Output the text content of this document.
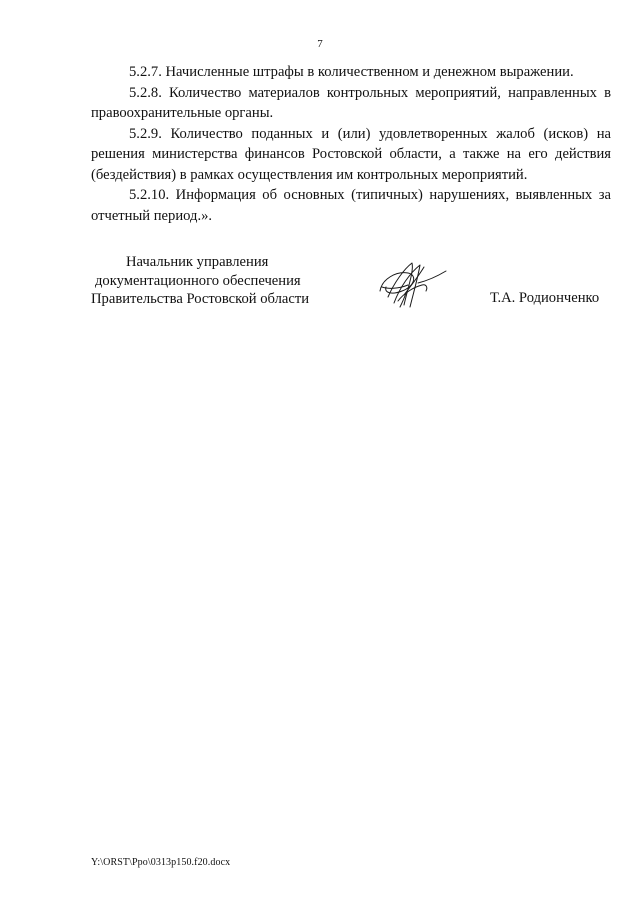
7

5.2.7. Начисленные штрафы в количественном и денежном выражении.

5.2.8. Количество материалов контрольных мероприятий, направленных в правоохранительные органы.

5.2.9. Количество поданных и (или) удовлетворенных жалоб (исков) на решения министерства финансов Ростовской области, а также на его действия (бездействия) в рамках осуществления им контрольных мероприятий.

5.2.10. Информация об основных (типичных) нарушениях, выявленных за отчетный период.».

Начальник управления
документационного обеспечения
Правительства Ростовской области	Т.А. Родионченко
Y:\ORST\Ppo\0313p150.f20.docx
